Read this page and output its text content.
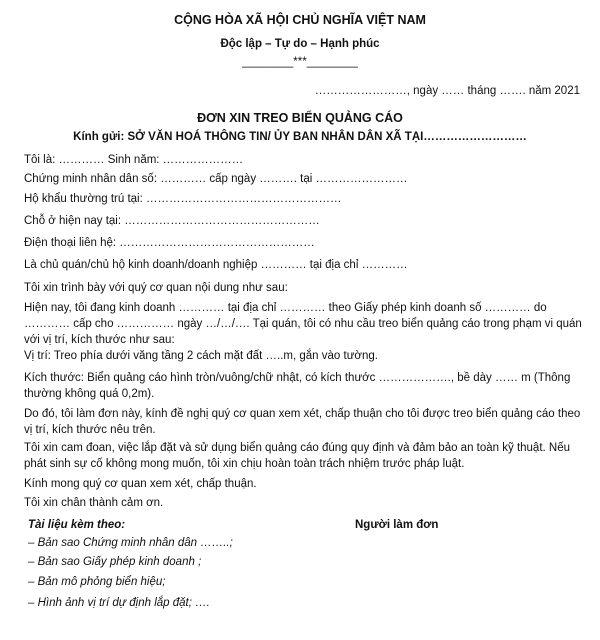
CỘNG HÒA XÃ HỘI CHỦ NGHĨA VIỆT NAM
Độc lập – Tự do – Hạnh phúc
________***________
……………………, ngày …… tháng ……. năm 2021
ĐƠN XIN TREO BIỂN QUẢNG CÁO
Kính gửi: SỞ VĂN HOÁ THÔNG TIN/ ỦY BAN NHÂN DÂN XÃ TẠI………………………
Tôi là: ………… Sinh năm: …………………
Chứng minh nhân dân số: ………… cấp ngày ………. tại ……………………
Hộ khẩu thường trú tại: ……………………………………………
Chỗ ở hiện nay tại: ……………………………………………
Điện thoại liên hệ: ……………………………………………
Là chủ quán/chủ hộ kinh doanh/doanh nghiệp ………… tại địa chỉ …………
Tôi xin trình bày với quý cơ quan nội dung như sau:
Hiện nay, tôi đang kinh doanh ………… tại địa chỉ ………… theo Giấy phép kinh doanh số ………… do ………… cấp cho …………… ngày …/…/…. Tại quán, tôi có nhu cầu treo biển quảng cáo trong phạm vi quán với vị trí, kích thước như sau:
Vị trí: Treo phía dưới văng tầng 2 cách mặt đất …..m, gắn vào tường.
Kích thước: Biển quảng cáo hình tròn/vuông/chữ nhật, có kích thước ………………., bề dày …… m (Thông thường không quá 0,2m).
Do đó, tôi làm đơn này, kính đề nghị quý cơ quan xem xét, chấp thuận cho tôi được treo biển quảng cáo theo vị trí, kích thước nêu trên.
Tôi xin cam đoan, việc lắp đặt và sử dụng biển quảng cáo đúng quy định và đảm bảo an toàn kỹ thuật. Nếu phát sinh sự cố không mong muốn, tôi xin chịu hoàn toàn trách nhiệm trước pháp luật.
Kính mong quý cơ quan xem xét, chấp thuận.
Tôi xin chân thành cảm ơn.
Tài liệu kèm theo:	Người làm đơn
– Bản sao Chứng minh nhân dân ……..;
– Bản sao Giấy phép kinh doanh ;
– Bản mô phỏng biển hiệu;
– Hình ảnh vị trí dự định lắp đặt; ….
